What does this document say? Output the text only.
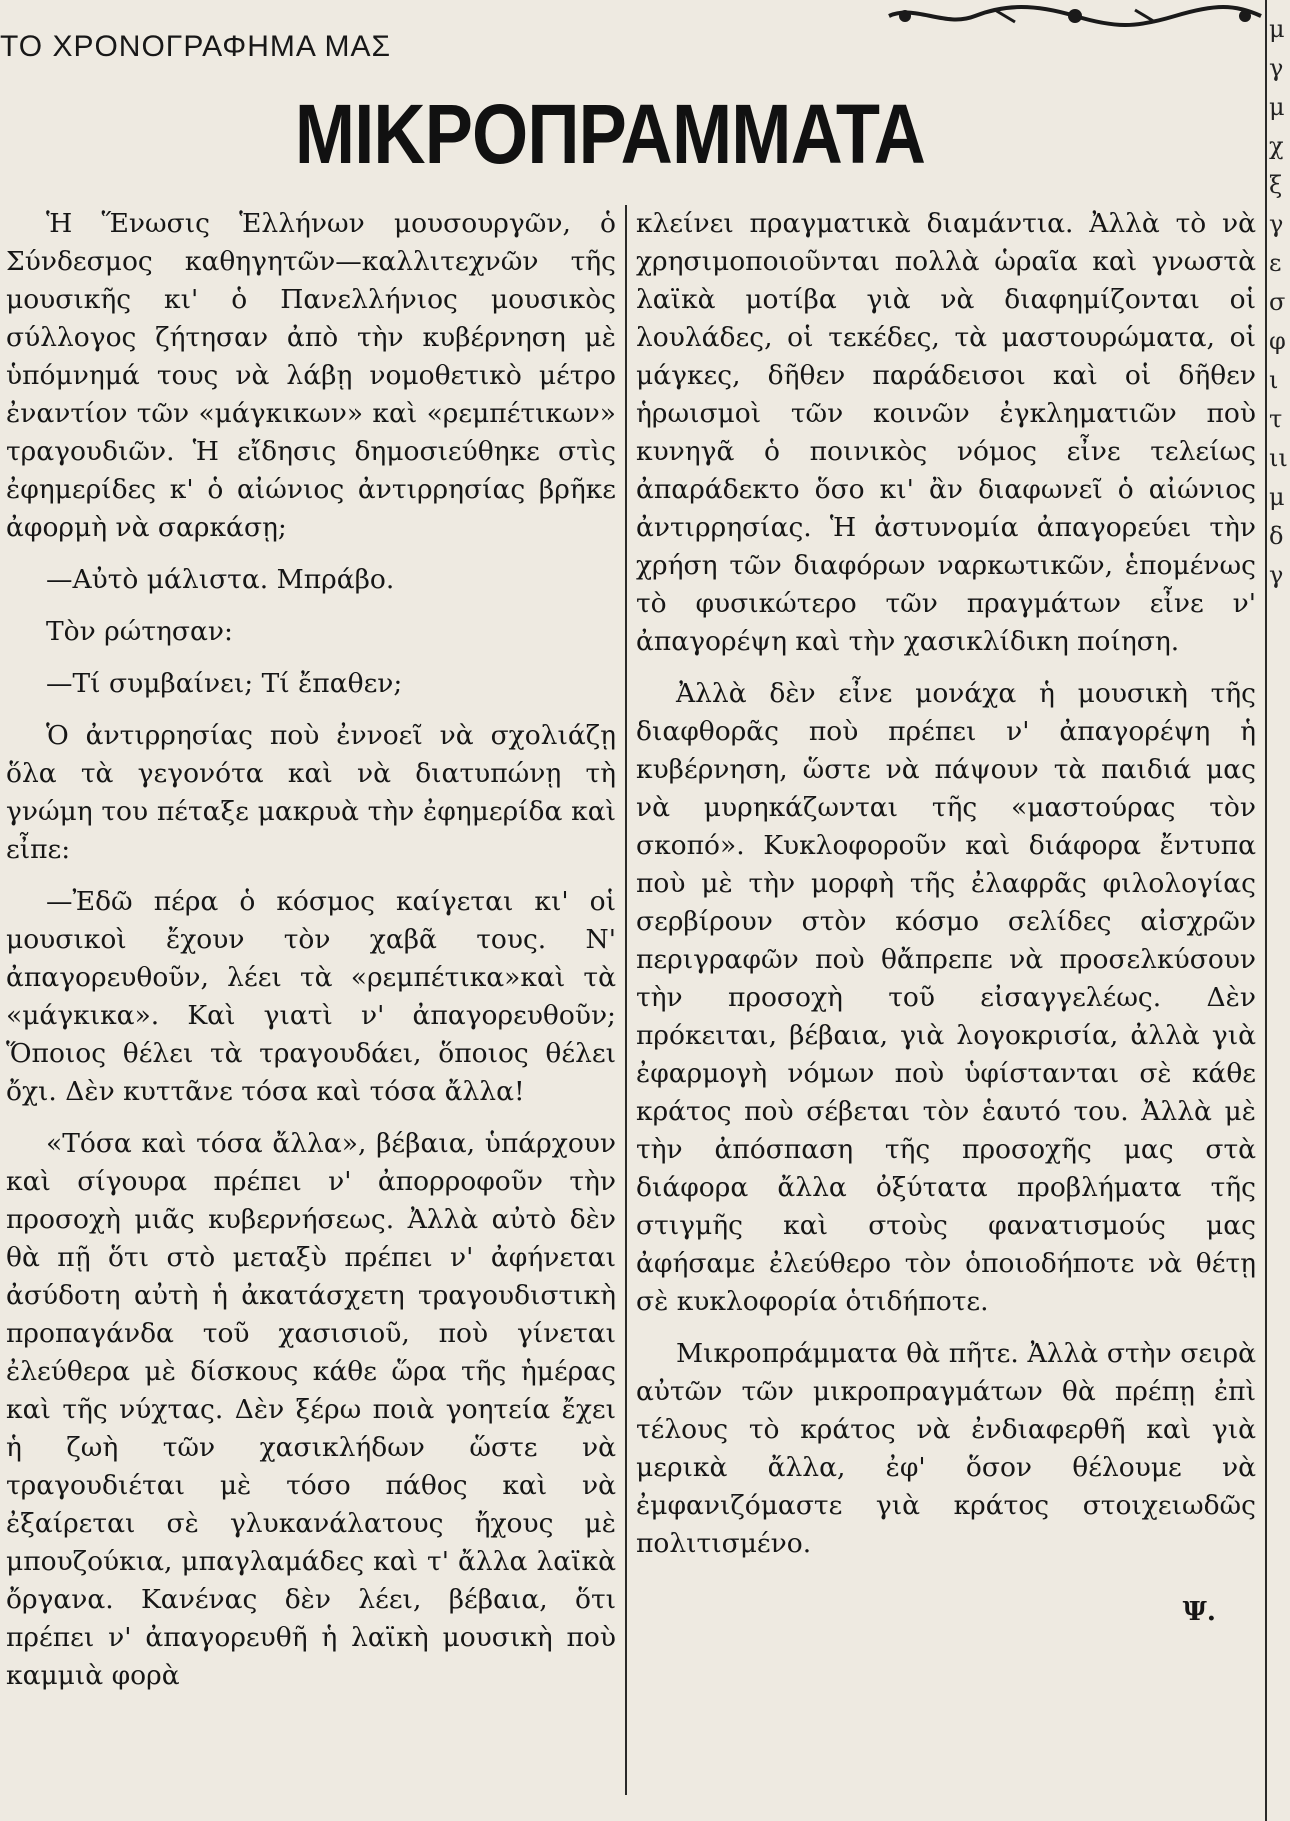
ΤΟ ΧΡΟΝΟΓΡΑΦΗΜΑ ΜΑΣ
ΜΙΚΡΟΠΡΑΜΜΑΤΑ

Ἡ Ἕνωσις Ἑλλήνων μουσουργῶν, ὁ Σύνδεσμος καθηγητῶν—καλλιτεχνῶν τῆς μουσικῆς κι' ὁ Πανελλήνιος μουσικὸς σύλλογος ζήτησαν ἀπὸ τὴν κυβέρνηση μὲ ὑπόμνημά τους νὰ λάβῃ νομοθετικὸ μέτρο ἐναντίον τῶν «μάγκικων» καὶ «ρεμπέτικων» τραγουδιῶν. Ἡ εἴδησις δημοσιεύθηκε στὶς ἐφημερίδες κ' ὁ αἰώνιος ἀντιρρησίας βρῆκε ἀφορμὴ νὰ σαρκάσῃ;

—Αὐτὸ μάλιστα. Μπράβο.

Τὸν ρώτησαν:

—Τί συμβαίνει; Τί ἔπαθεν;

Ὁ ἀντιρρησίας ποὺ ἐννοεῖ νὰ σχολιάζῃ ὅλα τὰ γεγονότα καὶ νὰ διατυπώνῃ τὴ γνώμη του πέταξε μακρυὰ τὴν ἐφημερίδα καὶ εἶπε:

—Ἐδῶ πέρα ὁ κόσμος καίγεται κι' οἱ μουσικοὶ ἔχουν τὸν χαβᾶ τους. Ν' ἀπαγορευθοῦν, λέει τὰ «ρεμπέτικα»καὶ τὰ «μάγκικα». Καὶ γιατὶ ν' ἀπαγορευθοῦν; Ὅποιος θέλει τὰ τραγουδάει, ὅποιος θέλει ὄχι. Δὲν κυττᾶνε τόσα καὶ τόσα ἄλλα!

«Τόσα καὶ τόσα ἄλλα», βέβαια, ὑπάρχουν καὶ σίγουρα πρέπει ν' ἀπορροφοῦν τὴν προσοχὴ μιᾶς κυβερνήσεως. Ἀλλὰ αὐτὸ δὲν θὰ πῇ ὅτι στὸ μεταξὺ πρέπει ν' ἀφήνεται ἀσύδοτη αὐτὴ ἡ ἀκατάσχετη τραγουδιστικὴ προπαγάνδα τοῦ χασισιοῦ, ποὺ γίνεται ἐλεύθερα μὲ δίσκους κάθε ὥρα τῆς ἡμέρας καὶ τῆς νύχτας. Δὲν ξέρω ποιὰ γοητεία ἔχει ἡ ζωὴ τῶν χασικλήδων ὥστε νὰ τραγουδιέται μὲ τόσο πάθος καὶ νὰ ἐξαίρεται σὲ γλυκανάλατους ἤχους μὲ μπουζούκια, μπαγλαμάδες καὶ τ' ἄλλα λαϊκὰ ὄργανα. Κανένας δὲν λέει, βέβαια, ὅτι πρέπει ν' ἀπαγορευθῆ ἡ λαϊκὴ μουσικὴ ποὺ καμμιὰ φορὰ

κλείνει πραγματικὰ διαμάντια. Ἀλλὰ τὸ νὰ χρησιμοποιοῦνται πολλὰ ὡραῖα καὶ γνωστὰ λαϊκὰ μοτίβα γιὰ νὰ διαφημίζονται οἱ λουλάδες, οἱ τεκέδες, τὰ μαστουρώματα, οἱ μάγκες, δῆθεν παράδεισοι καὶ οἱ δῆθεν ἡρωισμοὶ τῶν κοινῶν ἐγκληματιῶν ποὺ κυνηγᾶ ὁ ποινικὸς νόμος εἶνε τελείως ἀπαράδεκτο ὅσο κι' ἂν διαφωνεῖ ὁ αἰώνιος ἀντιρρησίας. Ἡ ἀστυνομία ἀπαγορεύει τὴν χρήση τῶν διαφόρων ναρκωτικῶν, ἑπομένως τὸ φυσικώτερο τῶν πραγμάτων εἶνε ν' ἀπαγορέψη καὶ τὴν χασικλίδικη ποίηση.

Ἀλλὰ δὲν εἶνε μονάχα ἡ μουσικὴ τῆς διαφθορᾶς ποὺ πρέπει ν' ἀπαγορέψη ἡ κυβέρνηση, ὥστε νὰ πάψουν τὰ παιδιά μας νὰ μυρηκάζωνται τῆς «μαστούρας τὸν σκοπό». Κυκλοφοροῦν καὶ διάφορα ἔντυπα ποὺ μὲ τὴν μορφὴ τῆς ἐλαφρᾶς φιλολογίας σερβίρουν στὸν κόσμο σελίδες αἰσχρῶν περιγραφῶν ποὺ θἄπρεπε νὰ προσελκύσουν τὴν προσοχὴ τοῦ εἰσαγγελέως. Δὲν πρόκειται, βέβαια, γιὰ λογοκρισία, ἀλλὰ γιὰ ἐφαρμογὴ νόμων ποὺ ὑφίστανται σὲ κάθε κράτος ποὺ σέβεται τὸν ἑαυτό του. Ἀλλὰ μὲ τὴν ἀπόσπαση τῆς προσοχῆς μας στὰ διάφορα ἄλλα ὀξύτατα προβλήματα τῆς στιγμῆς καὶ στοὺς φανατισμούς μας ἀφήσαμε ἐλεύθερο τὸν ὁποιοδήποτε νὰ θέτῃ σὲ κυκλοφορία ὁτιδήποτε.

Μικροπράμματα θὰ πῆτε. Ἀλλὰ στὴν σειρὰ αὐτῶν τῶν μικροπραγμάτων θὰ πρέπῃ ἐπὶ τέλους τὸ κράτος νὰ ἐνδιαφερθῆ καὶ γιὰ μερικὰ ἄλλα, ἐφ' ὅσον θέλουμε νὰ ἐμφανιζόμαστε γιὰ κράτος στοιχειωδῶς πολιτισμένο.

Ψ.

μγμχξγεσφιτιιμδγ
